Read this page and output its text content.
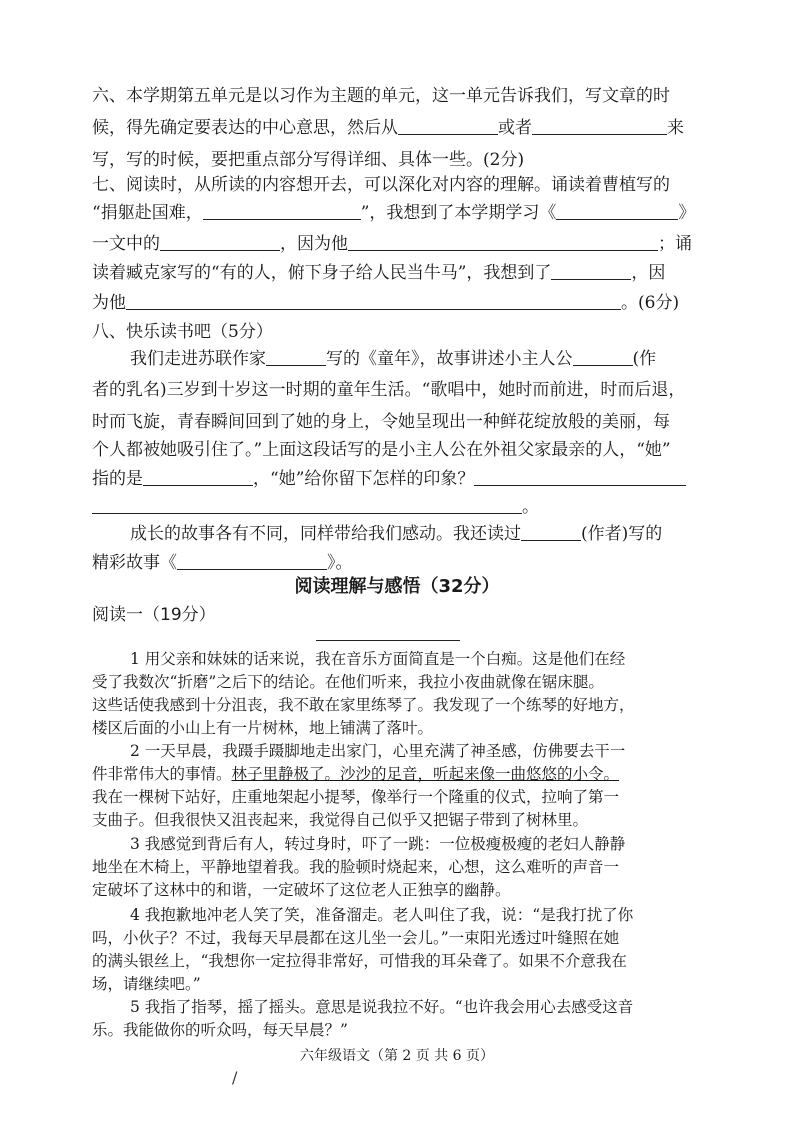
六、本学期第五单元是以习作为主题的单元，这一单元告诉我们，写文章的时
候，得先确定要表达的中心意思，然后从	或者	来
写，写的时候，要把重点部分写得详细、具体一些。(2分)
七、阅读时，从所读的内容想开去，可以深化对内容的理解。诵读着曹植写的
“捐躯赴国难，	”，我想到了本学期学习《	》
一文中的	，因为他	；诵
读着臧克家写的“有的人，俯下身子给人民当牛马”，我想到了	，因
为他	。(6分)
八、快乐读书吧（5分）
我们走进苏联作家	写的《童年》，故事讲述小主人公	(作
者的乳名)三岁到十岁这一时期的童年生活。“歌唱中，她时而前进，时而后退，
时而飞旋，青春瞬间回到了她的身上，令她呈现出一种鲜花绽放般的美丽，每
个人都被她吸引住了。”上面这段话写的是小主人公在外祖父家最亲的人，“她”
指的是	，“她”给你留下怎样的印象？
。
成长的故事各有不同，同样带给我们感动。我还读过	(作者)写的
精彩故事《	》。
阅读理解与感悟（32分）
阅读一（19分）
1 用父亲和妹妹的话来说，我在音乐方面简直是一个白痴。这是他们在经
受了我数次“折磨”之后下的结论。在他们听来，我拉小夜曲就像在锯床腿。
这些话使我感到十分沮丧，我不敢在家里练琴了。我发现了一个练琴的好地方，
楼区后面的小山上有一片树林，地上铺满了落叶。
2 一天早晨，我蹑手蹑脚地走出家门，心里充满了神圣感，仿佛要去干一
件非常伟大的事情。林子里静极了。沙沙的足音，听起来像一曲悠悠的小令。
我在一棵树下站好，庄重地架起小提琴，像举行一个隆重的仪式，拉响了第一
支曲子。但我很快又沮丧起来，我觉得自己似乎又把锯子带到了树林里。
3 我感觉到背后有人，转过身时，吓了一跳：一位极瘦极瘦的老妇人静静
地坐在木椅上，平静地望着我。我的脸顿时烧起来，心想，这么难听的声音一
定破坏了这林中的和谐，一定破坏了这位老人正独享的幽静。
4 我抱歉地冲老人笑了笑，准备溜走。老人叫住了我，说：“是我打扰了你
吗，小伙子？不过，我每天早晨都在这儿坐一会儿。”一束阳光透过叶缝照在她
的满头银丝上，“我想你一定拉得非常好，可惜我的耳朵聋了。如果不介意我在
场，请继续吧。”
5 我指了指琴，摇了摇头。意思是说我拉不好。“也许我会用心去感受这音
乐。我能做你的听众吗，每天早晨？”
六年级语文（第 2 页 共 6 页）
/
